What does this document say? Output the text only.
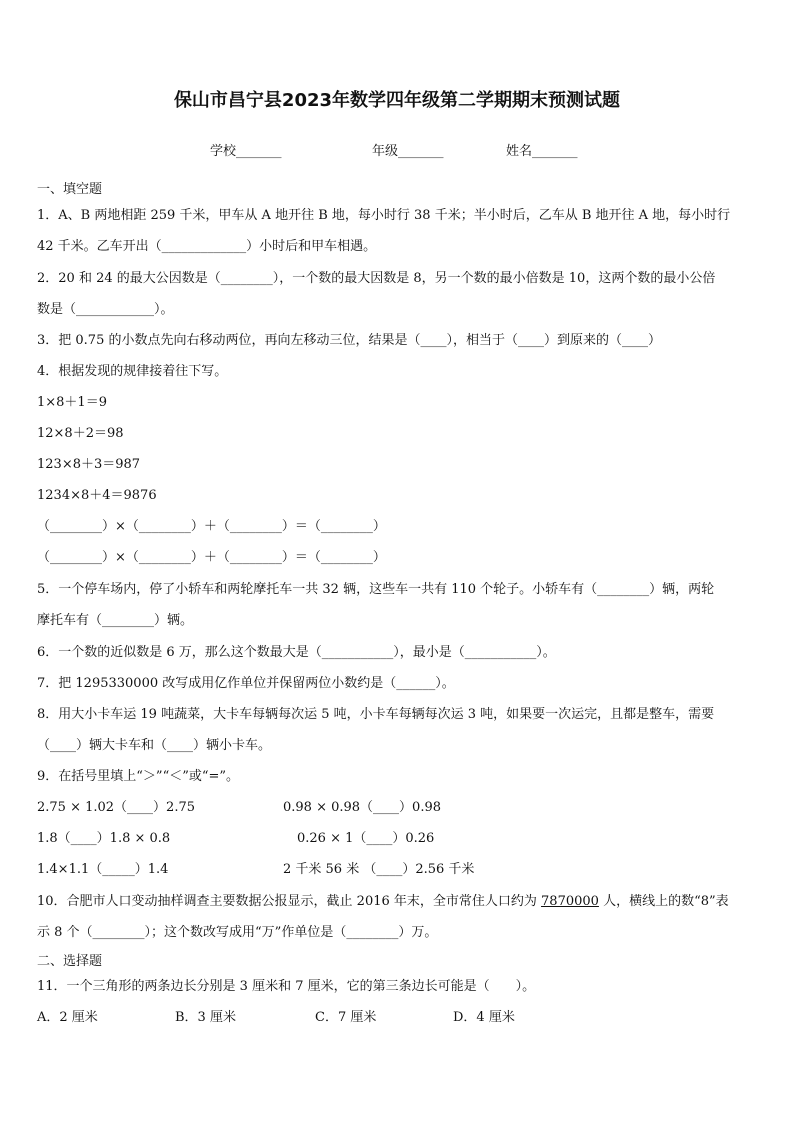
保山市昌宁县2023年数学四年级第二学期期末预测试题
学校_______	年级_______	姓名_______
一、填空题
1．A、B 两地相距 259 千米，甲车从 A 地开往 B 地，每小时行 38 千米；半小时后，乙车从 B 地开往 A 地，每小时行
42 千米。乙车开出（_____________）小时后和甲车相遇。
2．20 和 24 的最大公因数是（________），一个数的最大因数是 8，另一个数的最小倍数是 10，这两个数的最小公倍
数是（____________）。
3．把 0.75 的小数点先向右移动两位，再向左移动三位，结果是（____），相当于（____）到原来的（____）
4．根据发现的规律接着往下写。
1×8＋1＝9
12×8＋2＝98
123×8＋3＝987
1234×8＋4＝9876
（________）×（________）＋（________）＝（________）
（________）×（________）＋（________）＝（________）
5．一个停车场内，停了小轿车和两轮摩托车一共 32 辆，这些车一共有 110 个轮子。小轿车有（________）辆，两轮
摩托车有（________）辆。
6．一个数的近似数是 6 万，那么这个数最大是（___________），最小是（___________）。
7．把 1295330000 改写成用亿作单位并保留两位小数约是（______）。
8．用大小卡车运 19 吨蔬菜，大卡车每辆每次运 5 吨，小卡车每辆每次运 3 吨，如果要一次运完，且都是整车，需要
（____）辆大卡车和（____）辆小卡车。
9．在括号里填上“＞”“＜”或“=”。
2.75 × 1.02（____）2.75	0.98 × 0.98（____）0.98
1.8（____）1.8 × 0.8	0.26 × 1（____）0.26
1.4×1.1（_____）1.4	2 千米 56 米 （____）2.56 千米
10．合肥市人口变动抽样调查主要数据公报显示，截止 2016 年末，全市常住人口约为 7870000 人，横线上的数“8”表
示 8 个（________）；这个数改写成用“万”作单位是（________）万。
二、选择题
11．一个三角形的两条边长分别是 3 厘米和 7 厘米，它的第三条边长可能是（　　）。
A．2 厘米	B．3 厘米	C．7 厘米	D．4 厘米
